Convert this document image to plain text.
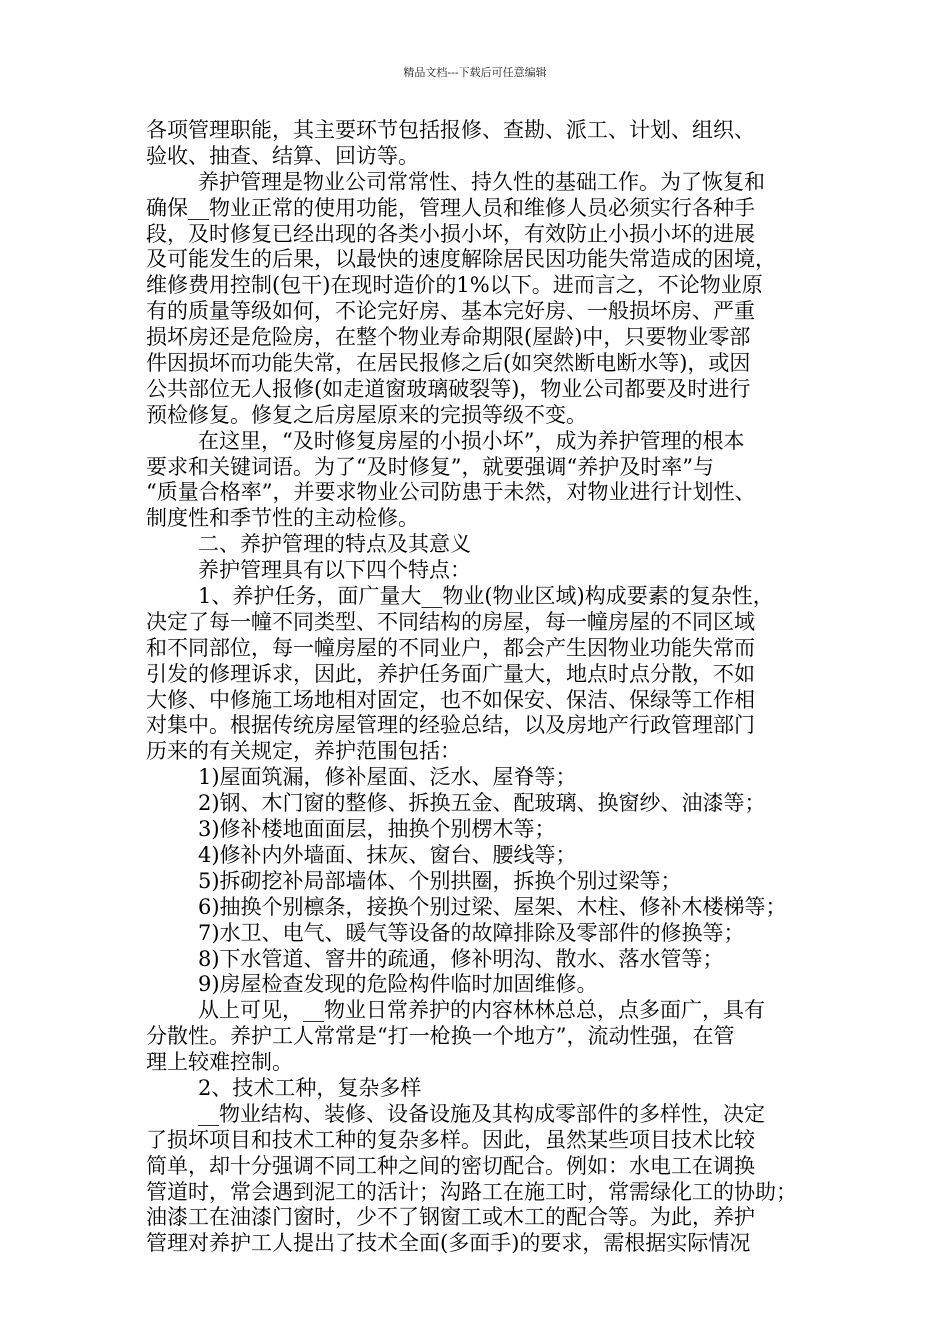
精品文档---下载后可任意编辑
各项管理职能，其主要环节包括报修、查勘、派工、计划、组织、
验收、抽查、结算、回访等。
养护管理是物业公司常常性、持久性的基础工作。为了恢复和
确保__物业正常的使用功能，管理人员和维修人员必须实行各种手
段，及时修复已经出现的各类小损小坏，有效防止小损小坏的进展
及可能发生的后果，以最快的速度解除居民因功能失常造成的困境，
维修费用控制(包干)在现时造价的1%以下。进而言之，不论物业原
有的质量等级如何，不论完好房、基本完好房、一般损坏房、严重
损坏房还是危险房，在整个物业寿命期限(屋龄)中，只要物业零部
件因损坏而功能失常，在居民报修之后(如突然断电断水等)，或因
公共部位无人报修(如走道窗玻璃破裂等)，物业公司都要及时进行
预检修复。修复之后房屋原来的完损等级不变。
在这里，“及时修复房屋的小损小坏”，成为养护管理的根本
要求和关键词语。为了“及时修复”，就要强调“养护及时率”与
“质量合格率”，并要求物业公司防患于未然，对物业进行计划性、
制度性和季节性的主动检修。
二、养护管理的特点及其意义
养护管理具有以下四个特点：
1、养护任务，面广量大__物业(物业区域)构成要素的复杂性，
决定了每一幢不同类型、不同结构的房屋，每一幢房屋的不同区域
和不同部位，每一幢房屋的不同业户，都会产生因物业功能失常而
引发的修理诉求，因此，养护任务面广量大，地点时点分散，不如
大修、中修施工场地相对固定，也不如保安、保洁、保绿等工作相
对集中。根据传统房屋管理的经验总结，以及房地产行政管理部门
历来的有关规定，养护范围包括：
1)屋面筑漏，修补屋面、泛水、屋脊等；
2)钢、木门窗的整修、拆换五金、配玻璃、换窗纱、油漆等；
3)修补楼地面面层，抽换个别楞木等；
4)修补内外墙面、抹灰、窗台、腰线等；
5)拆砌挖补局部墙体、个别拱圈，拆换个别过梁等；
6)抽换个别檩条，接换个别过梁、屋架、木柱、修补木楼梯等；
7)水卫、电气、暖气等设备的故障排除及零部件的修换等；
8)下水管道、窨井的疏通，修补明沟、散水、落水管等；
9)房屋检查发现的危险构件临时加固维修。
从上可见，__物业日常养护的内容林林总总，点多面广，具有
分散性。养护工人常常是“打一枪换一个地方”，流动性强，在管
理上较难控制。
2、技术工种，复杂多样
__物业结构、装修、设备设施及其构成零部件的多样性，决定
了损坏项目和技术工种的复杂多样。因此，虽然某些项目技术比较
简单，却十分强调不同工种之间的密切配合。例如：水电工在调换
管道时，常会遇到泥工的活计；沟路工在施工时，常需绿化工的协助；
油漆工在油漆门窗时，少不了钢窗工或木工的配合等。为此，养护
管理对养护工人提出了技术全面(多面手)的要求，需根据实际情况
